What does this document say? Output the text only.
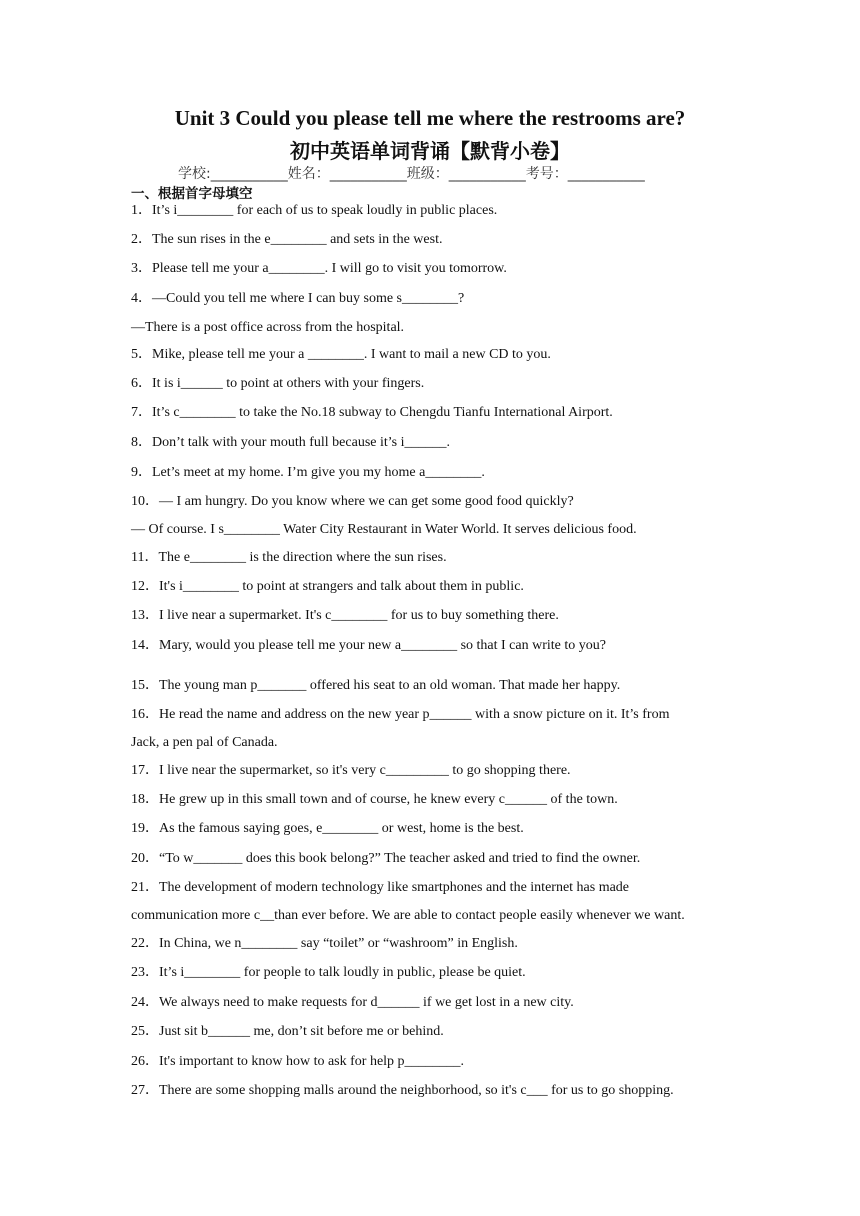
Unit 3 Could you please tell me where the restrooms are?
初中英语单词背诵【默背小卷】
学校:___________姓名：___________班级：___________考号：___________
一、根据首字母填空
1．It’s i________ for each of us to speak loudly in public places.
2．The sun rises in the e________ and sets in the west.
3．Please tell me your a________. I will go to visit you tomorrow.
4．—Could you tell me where I can buy some s________?
—There is a post office across from the hospital.
5．Mike, please tell me your a ________. I want to mail a new CD to you.
6．It is i______ to point at others with your fingers.
7．It’s c________ to take the No.18 subway to Chengdu Tianfu International Airport.
8．Don’t talk with your mouth full because it’s i______.
9．Let’s meet at my home. I’m give you my home a________.
10．— I am hungry. Do you know where we can get some good food quickly?
— Of course. I s________ Water City Restaurant in Water World. It serves delicious food.
11．The e________ is the direction where the sun rises.
12．It's i________ to point at strangers and talk about them in public.
13．I live near a supermarket. It's c________ for us to buy something there.
14．Mary, would you please tell me your new a________ so that I can write to you?
15．The young man p_______ offered his seat to an old woman. That made her happy.
16．He read the name and address on the new year p______ with a snow picture on it. It’s from
Jack, a pen pal of Canada.
17．I live near the supermarket, so it's very c_________ to go shopping there.
18．He grew up in this small town and of course, he knew every c______ of the town.
19．As the famous saying goes, e________ or west, home is the best.
20．“To w_______ does this book belong?” The teacher asked and tried to find the owner.
21．The development of modern technology like smartphones and the internet has made
communication more c__than ever before. We are able to contact people easily whenever we want.
22．In China, we n________ say “toilet” or “washroom” in English.
23．It’s i________ for people to talk loudly in public, please be quiet.
24．We always need to make requests for d______ if we get lost in a new city.
25．Just sit b______ me, don’t sit before me or behind.
26．It's important to know how to ask for help p________.
27．There are some shopping malls around the neighborhood, so it's c___ for us to go shopping.
